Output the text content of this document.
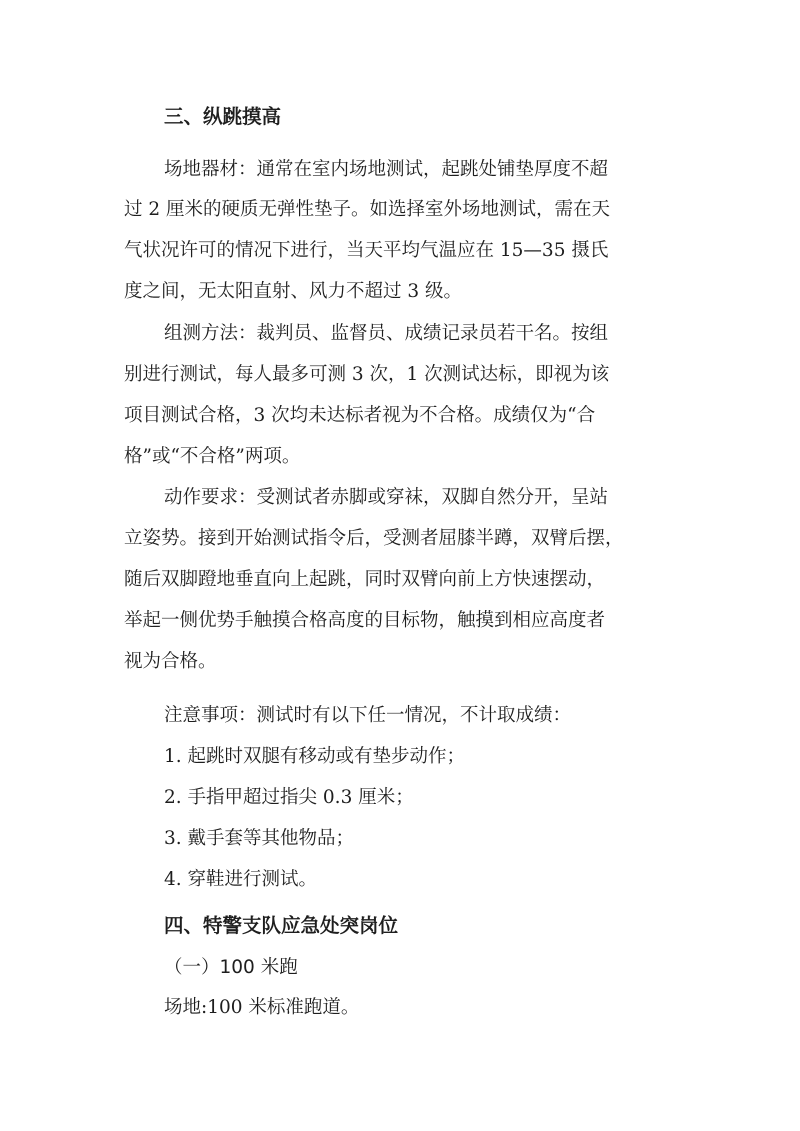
三、纵跳摸高

场地器材：通常在室内场地测试，起跳处铺垫厚度不超

过 2 厘米的硬质无弹性垫子。如选择室外场地测试，需在天

气状况许可的情况下进行，当天平均气温应在 15—35 摄氏

度之间，无太阳直射、风力不超过 3 级。

组测方法：裁判员、监督员、成绩记录员若干名。按组

别进行测试，每人最多可测 3 次，1 次测试达标，即视为该

项目测试合格，3 次均未达标者视为不合格。成绩仅为“合

格”或“不合格”两项。

动作要求：受测试者赤脚或穿袜，双脚自然分开，呈站

立姿势。接到开始测试指令后，受测者屈膝半蹲，双臂后摆，

随后双脚蹬地垂直向上起跳，同时双臂向前上方快速摆动，

举起一侧优势手触摸合格高度的目标物，触摸到相应高度者

视为合格。

注意事项：测试时有以下任一情况，不计取成绩：

1. 起跳时双腿有移动或有垫步动作；

2. 手指甲超过指尖 0.3 厘米；

3. 戴手套等其他物品；

4. 穿鞋进行测试。

四、特警支队应急处突岗位

（一）100 米跑

场地:100 米标准跑道。
